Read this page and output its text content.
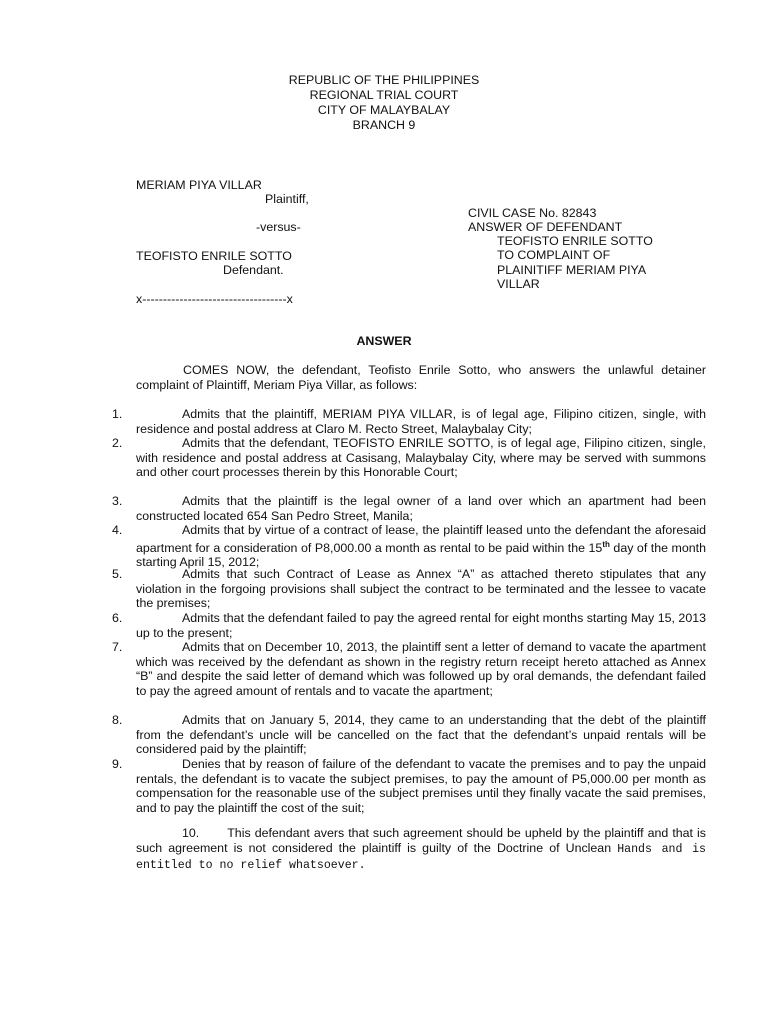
REPUBLIC OF THE PHILIPPINES
REGIONAL TRIAL COURT
CITY OF MALAYBALAY
BRANCH 9
MERIAM PIYA VILLAR
Plaintiff,
-versus-
TEOFISTO ENRILE SOTTO
Defendant.
x-----------------------------------x
CIVIL CASE No. 82843
ANSWER OF DEFENDANT
TEOFISTO ENRILE SOTTO
TO COMPLAINT OF
PLAINITIFF MERIAM PIYA
VILLAR
ANSWER
COMES NOW, the defendant, Teofisto Enrile Sotto, who answers the unlawful detainer complaint of Plaintiff, Meriam Piya Villar, as follows:
1.	Admits that the plaintiff, MERIAM PIYA VILLAR, is of legal age, Filipino citizen, single, with residence and postal address at Claro M. Recto Street, Malaybalay City;
2.	Admits that the defendant, TEOFISTO ENRILE SOTTO, is of legal age, Filipino citizen, single, with residence and postal address at Casisang, Malaybalay City, where may be served with summons and other court processes therein by this Honorable Court;
3.	Admits that the plaintiff is the legal owner of a land over which an apartment had been constructed located 654 San Pedro Street, Manila;
4.	Admits that by virtue of a contract of lease, the plaintiff leased unto the defendant the aforesaid apartment for a consideration of P8,000.00 a month as rental to be paid within the 15th day of the month starting April 15, 2012;
5.	Admits that such Contract of Lease as Annex “A” as attached thereto stipulates that any violation in the forgoing provisions shall subject the contract to be terminated and the lessee to vacate the premises;
6.	Admits that the defendant failed to pay the agreed rental for eight months starting May 15, 2013 up to the present;
7.	Admits that on December 10, 2013, the plaintiff sent a letter of demand to vacate the apartment which was received by the defendant as shown in the registry return receipt hereto attached as Annex “B” and despite the said letter of demand which was followed up by oral demands, the defendant failed to pay the agreed amount of rentals and to vacate the apartment;
8.	Admits that on January 5, 2014, they came to an understanding that the debt of the plaintiff from the defendant’s uncle will be cancelled on the fact that the defendant’s unpaid rentals will be considered paid by the plaintiff;
9.	Denies that by reason of failure of the defendant to vacate the premises and to pay the unpaid rentals, the defendant is to vacate the subject premises, to pay the amount of P5,000.00 per month as compensation for the reasonable use of the subject premises until they finally vacate the said premises, and to pay the plaintiff the cost of the suit;
10. This defendant avers that such agreement should be upheld by the plaintiff and that is such agreement is not considered the plaintiff is guilty of the Doctrine of Unclean Hands and is entitled to no relief whatsoever.
